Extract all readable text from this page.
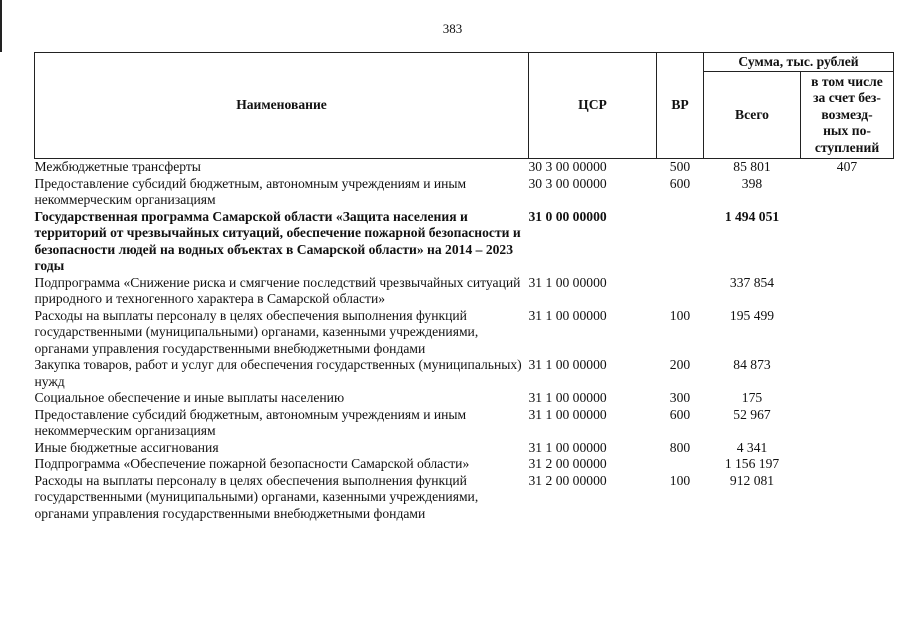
383
Наименование	ЦСР	ВР	Сумма, тыс. рублей	
			Всего	в том числе
за счет без-
возмезд-
ных по-
ступлений

Межбюджетные трансферты	30 3 00 00000	500	85 801	407
Предоставление субсидий бюджетным, автономным учреждениям и иным некоммерческим организациям	30 3 00 00000	600	398	
Государственная программа Самарской области «Защита населения и территорий от чрезвычайных ситуаций, обеспечение пожарной безопасности и безопасности людей на водных объектах в Самарской области» на 2014 – 2023 годы	31 0 00 00000		1 494 051	
Подпрограмма «Снижение риска и смягчение последствий чрезвычайных ситуаций природного и техногенного характера в Самарской области»	31 1 00 00000		337 854	
Расходы на выплаты персоналу в целях обеспечения выполнения функций государственными (муниципальными) органами, казенными учреждениями, органами управления государственными внебюджетными фондами	31 1 00 00000	100	195 499	
Закупка товаров, работ и услуг для обеспечения государственных (муниципальных) нужд	31 1 00 00000	200	84 873	
Социальное обеспечение и иные выплаты населению	31 1 00 00000	300	175	
Предоставление субсидий бюджетным, автономным учреждениям и иным некоммерческим организациям	31 1 00 00000	600	52 967	
Иные бюджетные ассигнования	31 1 00 00000	800	4 341	
Подпрограмма «Обеспечение пожарной безопасности Самарской области»	31 2 00 00000		1 156 197	
Расходы на выплаты персоналу в целях обеспечения выполнения функций государственными (муниципальными) органами, казенными учреждениями, органами управления государственными внебюджетными фондами	31 2 00 00000	100	912 081	
